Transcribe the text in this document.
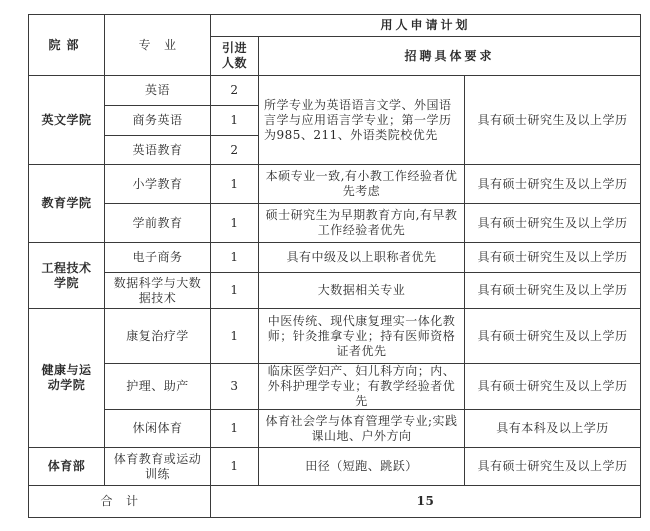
院部	专   业	用人申请计划		
		引进人数	招聘具体要求	
英文学院	英语	2	所学专业为英语语言文学、外国语言学与应用语言学专业；第一学历为985、211、外语类院校优先	具有硕士研究生及以上学历
	商务英语	1		
	英语教育	2		
教育学院	小学教育	1	本硕专业一致,有小教工作经验者优先考虑	具有硕士研究生及以上学历
	学前教育	1	硕士研究生为早期教育方向,有早教工作经验者优先	具有硕士研究生及以上学历
工程技术学院	电子商务	1	具有中级及以上职称者优先	具有硕士研究生及以上学历
	数据科学与大数据技术	1	大数据相关专业	具有硕士研究生及以上学历
健康与运动学院	康复治疗学	1	中医传统、现代康复理实一体化教师；针灸推拿专业；持有医师资格证者优先	具有硕士研究生及以上学历
	护理、助产	3	临床医学妇产、妇儿科方向；内、外科护理学专业；有教学经验者优先	具有硕士研究生及以上学历
	休闲体育	1	体育社会学与体育管理学专业;实践课山地、户外方向	具有本科及以上学历
体育部	体育教育或运动训练	1	田径（短跑、跳跃）	具有硕士研究生及以上学历
合   计		15		
